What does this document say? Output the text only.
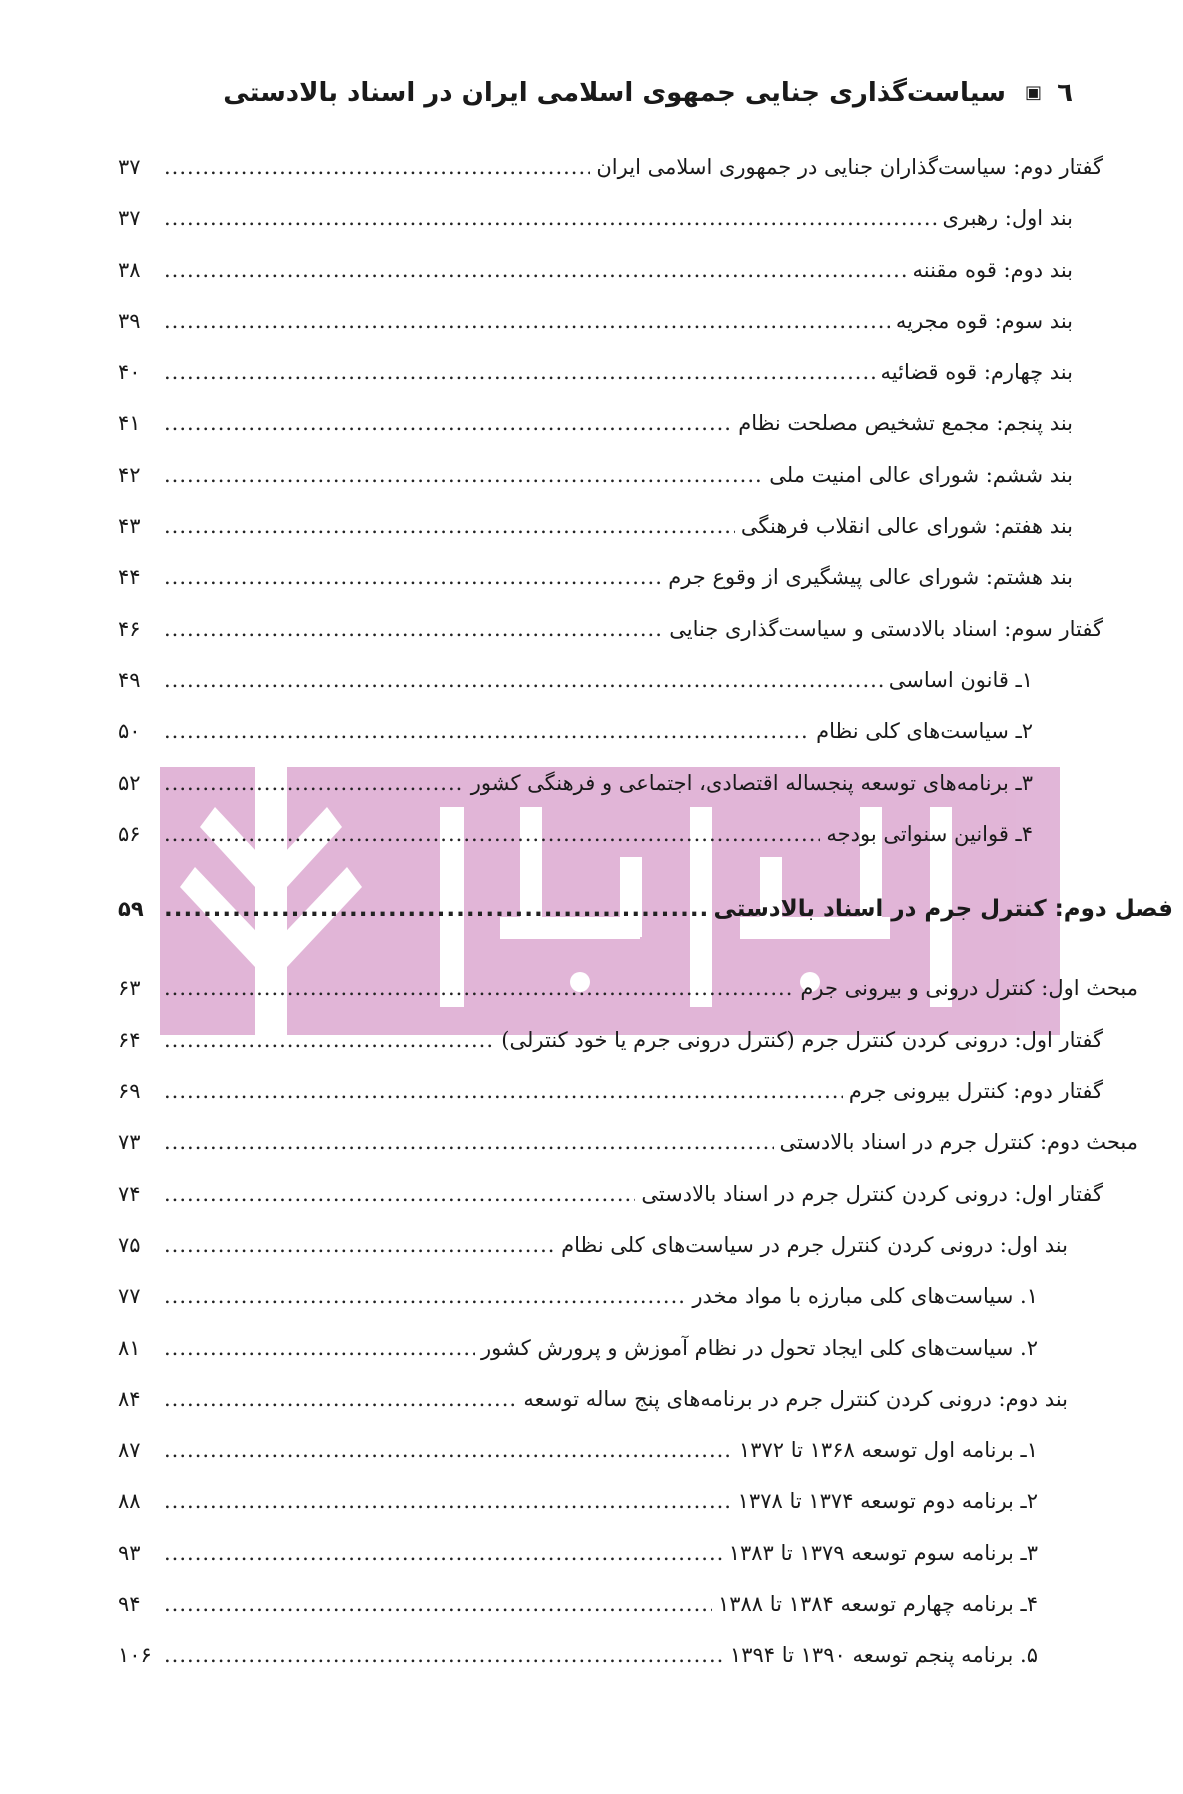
٦ ▣ سیاست‌گذاری جنایی جمهوی اسلامی ایران در اسناد بالادستی
گفتار دوم: سیاست‌گذاران جنایی در جمهوری اسلامی ایران
.....
۳۷
بند اول: رهبری
.....
۳۷
بند دوم: قوه مقننه
.....
۳۸
بند سوم: قوه مجریه
.....
۳۹
بند چهارم: قوه قضائیه
.....
۴۰
بند پنجم: مجمع تشخیص مصلحت نظام
.....
۴۱
بند ششم: شورای عالی امنیت ملی
.....
۴۲
بند هفتم: شورای عالی انقلاب فرهنگی
.....
۴۳
بند هشتم: شورای عالی پیشگیری از وقوع جرم
.....
۴۴
گفتار سوم: اسناد بالادستی و سیاست‌گذاری جنایی
.....
۴۶
۱ـ قانون اساسی
.....
۴۹
۲ـ سیاست‌های کلی نظام
.....
۵۰
۳ـ برنامه‌های توسعه پنجساله اقتصادی، اجتماعی و فرهنگی کشور
.....
۵۲
۴ـ قوانین سنواتی بودجه
.....
۵۶
فصل دوم: کنترل جرم در اسناد بالادستی
.....
۵۹
مبحث اول: کنترل درونی و بیرونی جرم
.....
۶۳
گفتار اول: درونی کردن کنترل جرم (کنترل درونی جرم یا خود کنترلی)
.....
۶۴
گفتار دوم: کنترل بیرونی جرم
.....
۶۹
مبحث دوم: کنترل جرم در اسناد بالادستی
.....
۷۳
گفتار اول: درونی کردن کنترل جرم در اسناد بالادستی
.....
۷۴
بند اول: درونی کردن کنترل جرم در سیاست‌های کلی نظام
.....
۷۵
۱. سیاست‌های کلی مبارزه با مواد مخدر
.....
۷۷
۲. سیاست‌های کلی ایجاد تحول در نظام آموزش و پرورش کشور
.....
۸۱
بند دوم: درونی کردن کنترل جرم در برنامه‌های پنج ساله توسعه
.....
۸۴
۱ـ برنامه اول توسعه ۱۳۶۸ تا ۱۳۷۲
.....
۸۷
۲ـ برنامه دوم توسعه ۱۳۷۴ تا ۱۳۷۸
.....
۸۸
۳ـ برنامه سوم توسعه ۱۳۷۹ تا ۱۳۸۳
.....
۹۳
۴ـ برنامه چهارم توسعه ۱۳۸۴ تا ۱۳۸۸
.....
۹۴
۵. برنامه پنجم توسعه ۱۳۹۰ تا ۱۳۹۴
.....
۱۰۶
